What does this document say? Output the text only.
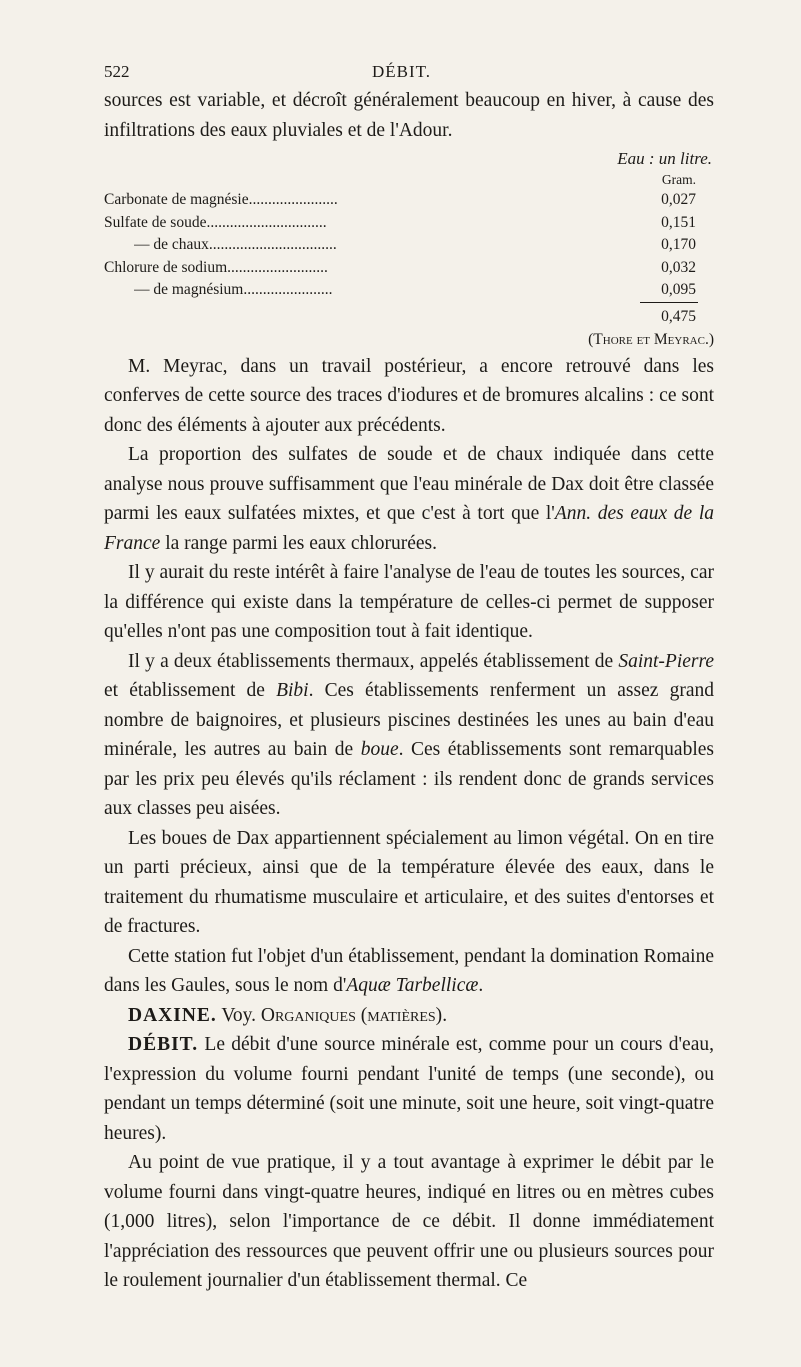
522	DÉBIT.

sources est variable, et décroît généralement beaucoup en hiver, à cause des infiltrations des eaux pluviales et de l'Adour.

Eau : un litre.
Gram.
Carbonate de magnésie.......................	0,027
Sulfate de soude...............................	0,151
— de chaux.................................	0,170
Chlorure de sodium..........................	0,032
— de magnésium.......................	0,095
0,475
(Thore et Meyrac.)

M. Meyrac, dans un travail postérieur, a encore retrouvé dans les conferves de cette source des traces d'iodures et de bromures alcalins : ce sont donc des éléments à ajouter aux précédents.

La proportion des sulfates de soude et de chaux indiquée dans cette analyse nous prouve suffisamment que l'eau minérale de Dax doit être classée parmi les eaux sulfatées mixtes, et que c'est à tort que l'Ann. des eaux de la France la range parmi les eaux chlorurées.

Il y aurait du reste intérêt à faire l'analyse de l'eau de toutes les sources, car la différence qui existe dans la température de celles-ci permet de supposer qu'elles n'ont pas une composition tout à fait identique.

Il y a deux établissements thermaux, appelés établissement de Saint-Pierre et établissement de Bibi. Ces établissements renferment un assez grand nombre de baignoires, et plusieurs piscines destinées les unes au bain d'eau minérale, les autres au bain de boue. Ces établissements sont remarquables par les prix peu élevés qu'ils réclament : ils rendent donc de grands services aux classes peu aisées.

Les boues de Dax appartiennent spécialement au limon végétal. On en tire un parti précieux, ainsi que de la température élevée des eaux, dans le traitement du rhumatisme musculaire et articulaire, et des suites d'entorses et de fractures.

Cette station fut l'objet d'un établissement, pendant la domination Romaine dans les Gaules, sous le nom d'Aquæ Tarbellicæ.

DAXINE. Voy. Organiques (matières).

DÉBIT. Le débit d'une source minérale est, comme pour un cours d'eau, l'expression du volume fourni pendant l'unité de temps (une seconde), ou pendant un temps déterminé (soit une minute, soit une heure, soit vingt-quatre heures).

Au point de vue pratique, il y a tout avantage à exprimer le débit par le volume fourni dans vingt-quatre heures, indiqué en litres ou en mètres cubes (1,000 litres), selon l'importance de ce débit. Il donne immédiatement l'appréciation des ressources que peuvent offrir une ou plusieurs sources pour le roulement journalier d'un établissement thermal. Ce
